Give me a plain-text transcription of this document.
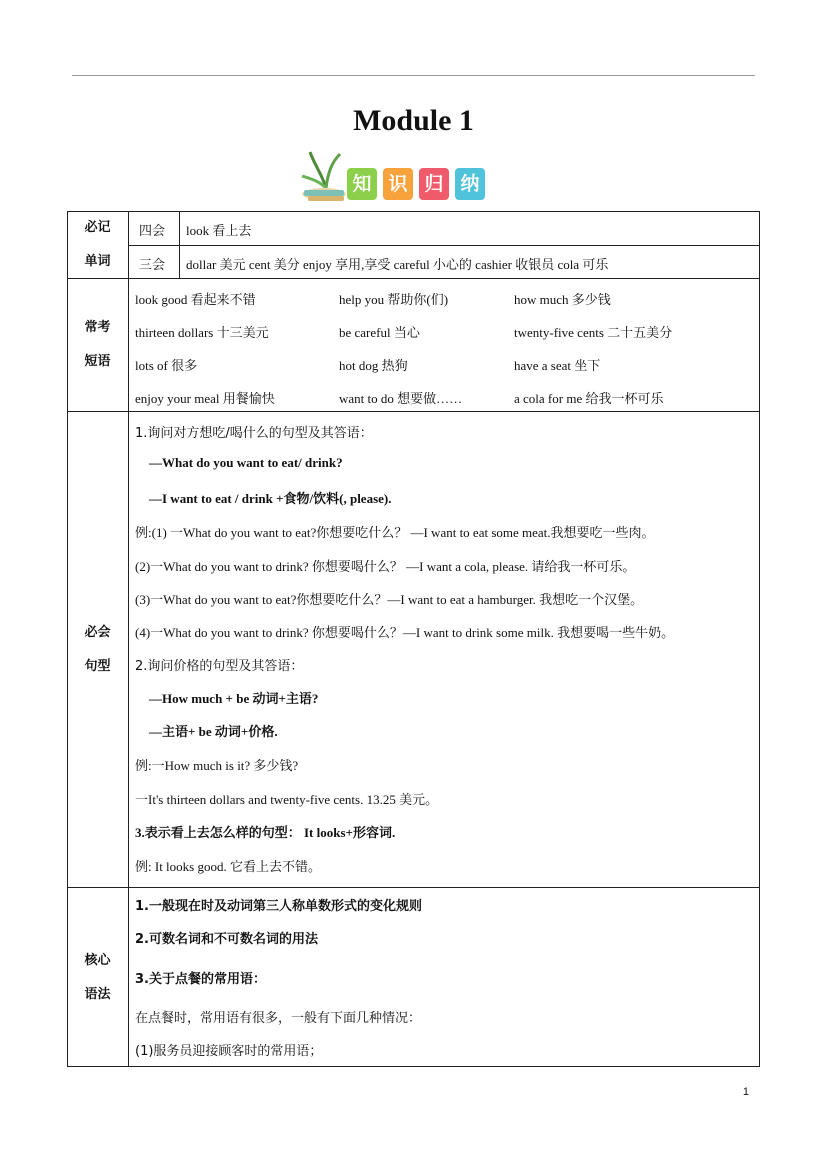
Module 1
知 识 归 纳
必记
单词
四会 look 看上去
三会 dollar 美元 cent 美分 enjoy 享用,享受 careful 小心的 cashier 收银员 cola 可乐
常考
短语
look good 看起来不错	help you 帮助你(们)	how much 多少钱
thirteen dollars 十三美元	be careful 当心	twenty-five cents 二十五美分
lots of 很多	hot dog 热狗	have a seat 坐下
enjoy your meal 用餐愉快	want to do 想要做……	a cola for me 给我一杯可乐
必会
句型
1.询问对方想吃/喝什么的句型及其答语：
—What do you want to eat/ drink?
—I want to eat / drink +食物/饮料(, please).
例:(1) 一What do you want to eat?你想要吃什么？ —I want to eat some meat.我想要吃一些肉。
(2)一What do you want to drink? 你想要喝什么？ —I want a cola, please. 请给我一杯可乐。
(3)一What do you want to eat?你想要吃什么？—I want to eat a hamburger. 我想吃一个汉堡。
(4)一What do you want to drink? 你想要喝什么？—I want to drink some milk. 我想要喝一些牛奶。
2.询问价格的句型及其答语：
—How much + be 动词+主语?
—主语+ be 动词+价格.
例:一How much is it? 多少钱?
一It's thirteen dollars and twenty-five cents. 13.25 美元。
3.表示看上去怎么样的句型： It looks+形容词.
例: It looks good. 它看上去不错。
核心
语法
1.一般现在时及动词第三人称单数形式的变化规则
2.可数名词和不可数名词的用法
3.关于点餐的常用语：
在点餐时，常用语有很多，一般有下面几种情况：
(1)服务员迎接顾客时的常用语；
1
